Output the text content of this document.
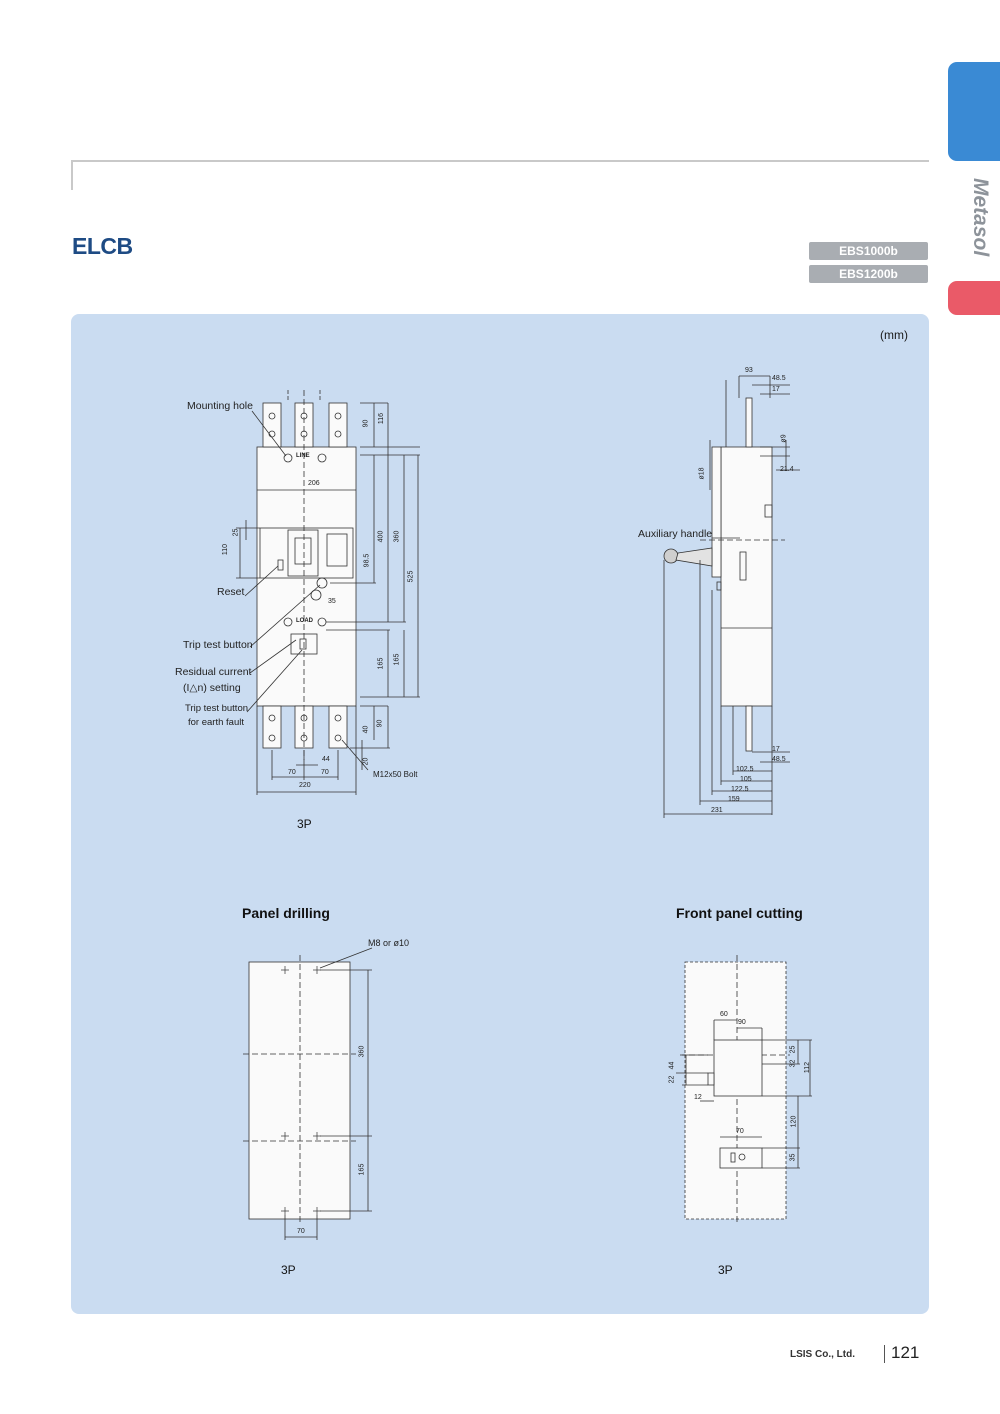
ELCB	EBS1000b
EBS1200b
Metasol
(mm)
Mounting hole
Reset
Trip test button
Residual current
(I△n) setting
Trip test button
for earth fault
M12x50 Bolt
LINE
LOAD
90 116
206
25
110
98.5
400 360
525
35
165 165
90
40
20
44
70	70
220
3P
Auxiliary handle
93
48.5
17
ø9
ø18	21.4
17
48.5
102.5
105
122.5
159
231
Panel drilling
M8 or ø10
360
165
70
3P
Front panel cutting
60
90
25
32 112
44
22
12
120
70
35
3P
LSIS Co., Ltd. 121
